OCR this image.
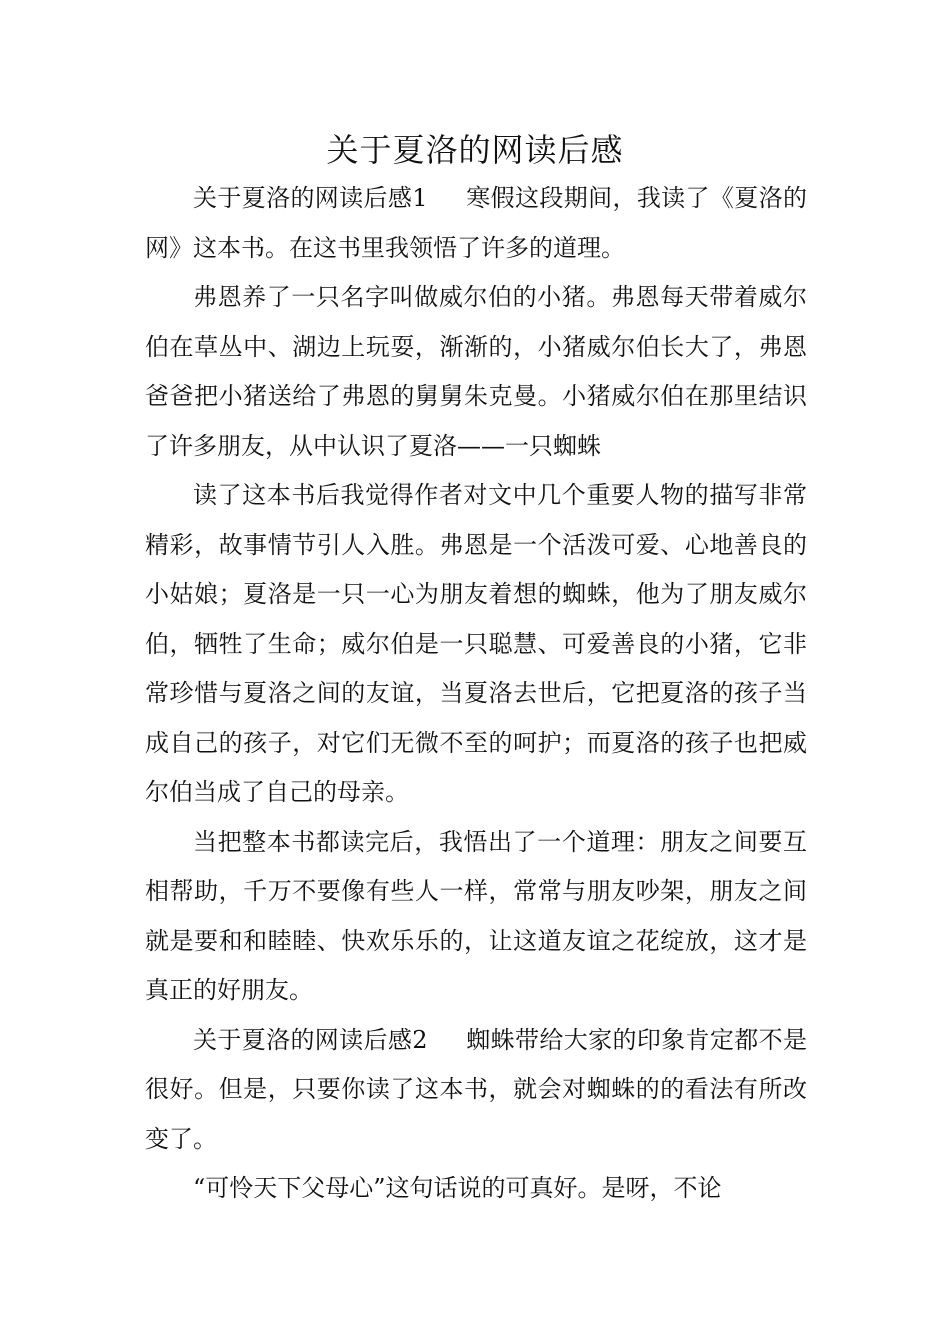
关于夏洛的网读后感

关于夏洛的网读后感1 寒假这段期间，我读了《夏洛的网》这本书。在这书里我领悟了许多的道理。

弗恩养了一只名字叫做威尔伯的小猪。弗恩每天带着威尔伯在草丛中、湖边上玩耍，渐渐的，小猪威尔伯长大了，弗恩爸爸把小猪送给了弗恩的舅舅朱克曼。小猪威尔伯在那里结识了许多朋友，从中认识了夏洛——一只蜘蛛

读了这本书后我觉得作者对文中几个重要人物的描写非常精彩，故事情节引人入胜。弗恩是一个活泼可爱、心地善良的小姑娘；夏洛是一只一心为朋友着想的蜘蛛，他为了朋友威尔伯，牺牲了生命；威尔伯是一只聪慧、可爱善良的小猪，它非常珍惜与夏洛之间的友谊，当夏洛去世后，它把夏洛的孩子当成自己的孩子，对它们无微不至的呵护；而夏洛的孩子也把威尔伯当成了自己的母亲。

当把整本书都读完后，我悟出了一个道理：朋友之间要互相帮助，千万不要像有些人一样，常常与朋友吵架，朋友之间就是要和和睦睦、快欢乐乐的，让这道友谊之花绽放，这才是真正的好朋友。

关于夏洛的网读后感2 蜘蛛带给大家的印象肯定都不是很好。但是，只要你读了这本书，就会对蜘蛛的的看法有所改变了。

“可怜天下父母心”这句话说的可真好。是呀，不论
